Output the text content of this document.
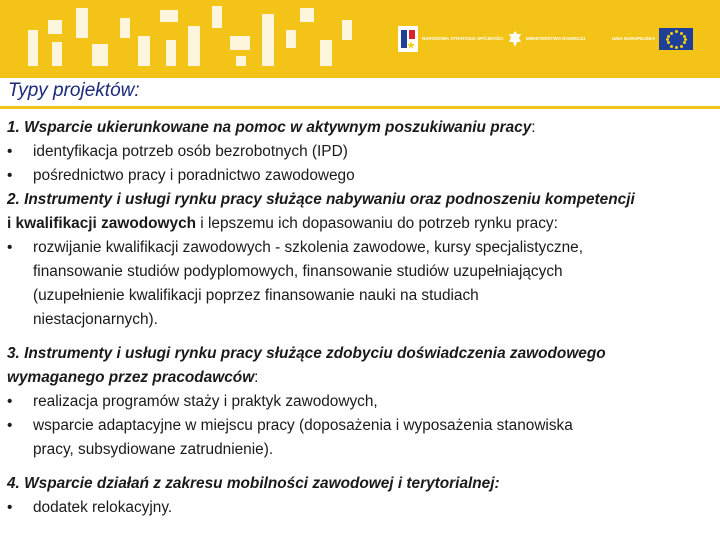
NARODOWA STRATEGIA SPÓJNOŚCI	MINISTERSTWO ROZWOJU	UNIA EUROPEJSKA
Typy projektów:
1. Wsparcie ukierunkowane na pomoc w aktywnym poszukiwaniu pracy:
•	identyfikacja potrzeb osób bezrobotnych (IPD)
•	pośrednictwo pracy i poradnictwo zawodowego
2. Instrumenty i usługi rynku pracy służące nabywaniu oraz podnoszeniu kompetencji
i kwalifikacji zawodowych i lepszemu ich dopasowaniu do potrzeb rynku pracy:
•	rozwijanie kwalifikacji zawodowych - szkolenia zawodowe, kursy specjalistyczne,
finansowanie studiów podyplomowych, finansowanie studiów uzupełniających
(uzupełnienie kwalifikacji poprzez finansowanie nauki na studiach
niestacjonarnych).
3. Instrumenty i usługi rynku pracy służące zdobyciu doświadczenia zawodowego
wymaganego przez pracodawców:
•	realizacja programów staży i praktyk zawodowych,
•	wsparcie adaptacyjne w miejscu pracy (doposażenia i wyposażenia stanowiska
pracy, subsydiowane zatrudnienie).
4. Wsparcie działań z zakresu mobilności zawodowej i terytorialnej:
•	dodatek relokacyjny.
